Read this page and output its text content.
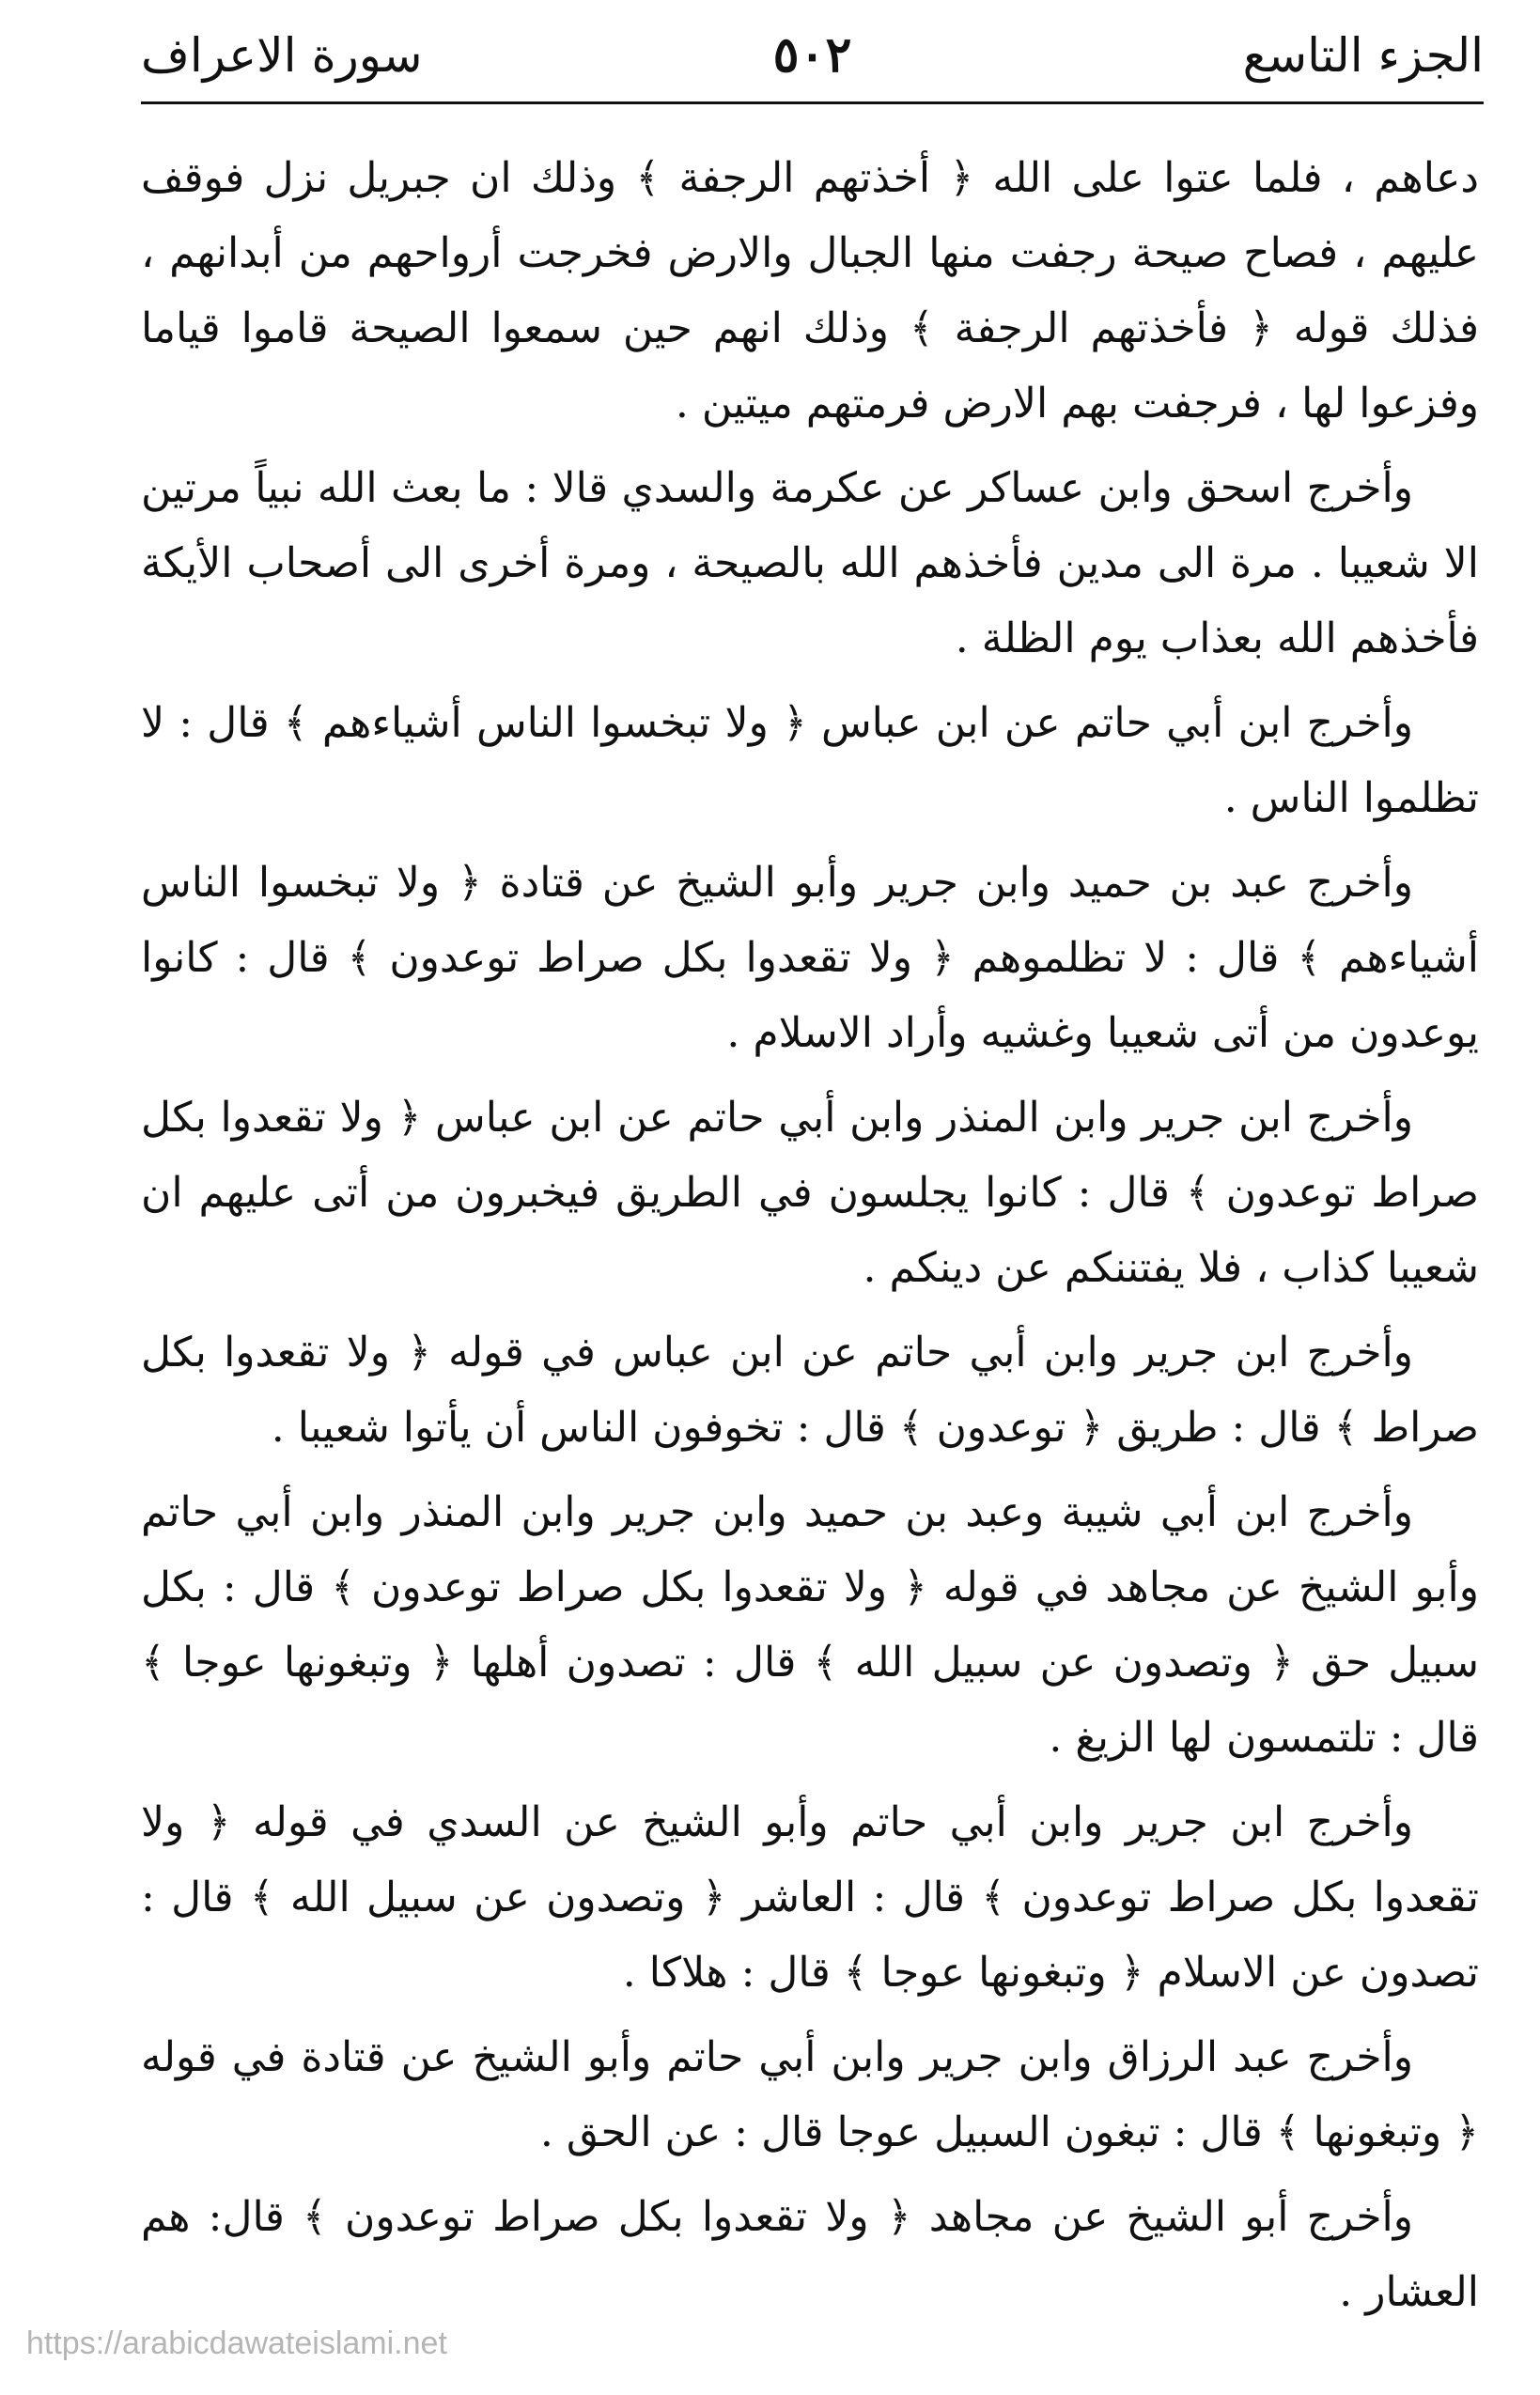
الجزء التاسع
٥٠٢
سورة الاعراف

دعاهم ، فلما عتوا على الله ﴿ أخذتهم الرجفة ﴾ وذلك ان جبريل نزل فوقف عليهم ، فصاح صيحة رجفت منها الجبال والارض فخرجت أرواحهم من أبدانهم ، فذلك قوله ﴿ فأخذتهم الرجفة ﴾ وذلك انهم حين سمعوا الصيحة قاموا قياما وفزعوا لها ، فرجفت بهم الارض فرمتهم ميتين .

وأخرج اسحق وابن عساكر عن عكرمة والسدي قالا : ما بعث الله نبياً مرتين الا شعيبا . مرة الى مدين فأخذهم الله بالصيحة ، ومرة أخرى الى أصحاب الأيكة فأخذهم الله بعذاب يوم الظلة .

وأخرج ابن أبي حاتم عن ابن عباس ﴿ ولا تبخسوا الناس أشياءهم ﴾ قال : لا تظلموا الناس .

وأخرج عبد بن حميد وابن جرير وأبو الشيخ عن قتادة ﴿ ولا تبخسوا الناس أشياءهم ﴾ قال : لا تظلموهم ﴿ ولا تقعدوا بكل صراط توعدون ﴾ قال : كانوا يوعدون من أتى شعيبا وغشيه وأراد الاسلام .

وأخرج ابن جرير وابن المنذر وابن أبي حاتم عن ابن عباس ﴿ ولا تقعدوا بكل صراط توعدون ﴾ قال : كانوا يجلسون في الطريق فيخبرون من أتى عليهم ان شعيبا كذاب ، فلا يفتننكم عن دينكم .

وأخرج ابن جرير وابن أبي حاتم عن ابن عباس في قوله ﴿ ولا تقعدوا بكل صراط ﴾ قال : طريق ﴿ توعدون ﴾ قال : تخوفون الناس أن يأتوا شعيبا .

وأخرج ابن أبي شيبة وعبد بن حميد وابن جرير وابن المنذر وابن أبي حاتم وأبو الشيخ عن مجاهد في قوله ﴿ ولا تقعدوا بكل صراط توعدون ﴾ قال : بكل سبيل حق ﴿ وتصدون عن سبيل الله ﴾ قال : تصدون أهلها ﴿ وتبغونها عوجا ﴾ قال : تلتمسون لها الزيغ .

وأخرج ابن جرير وابن أبي حاتم وأبو الشيخ عن السدي في قوله ﴿ ولا تقعدوا بكل صراط توعدون ﴾ قال : العاشر ﴿ وتصدون عن سبيل الله ﴾ قال : تصدون عن الاسلام ﴿ وتبغونها عوجا ﴾ قال : هلاكا .

وأخرج عبد الرزاق وابن جرير وابن أبي حاتم وأبو الشيخ عن قتادة في قوله ﴿ وتبغونها ﴾ قال : تبغون السبيل عوجا قال : عن الحق .

وأخرج أبو الشيخ عن مجاهد ﴿ ولا تقعدوا بكل صراط توعدون ﴾ قال: هم العشار .

https://arabicdawateislami.net
